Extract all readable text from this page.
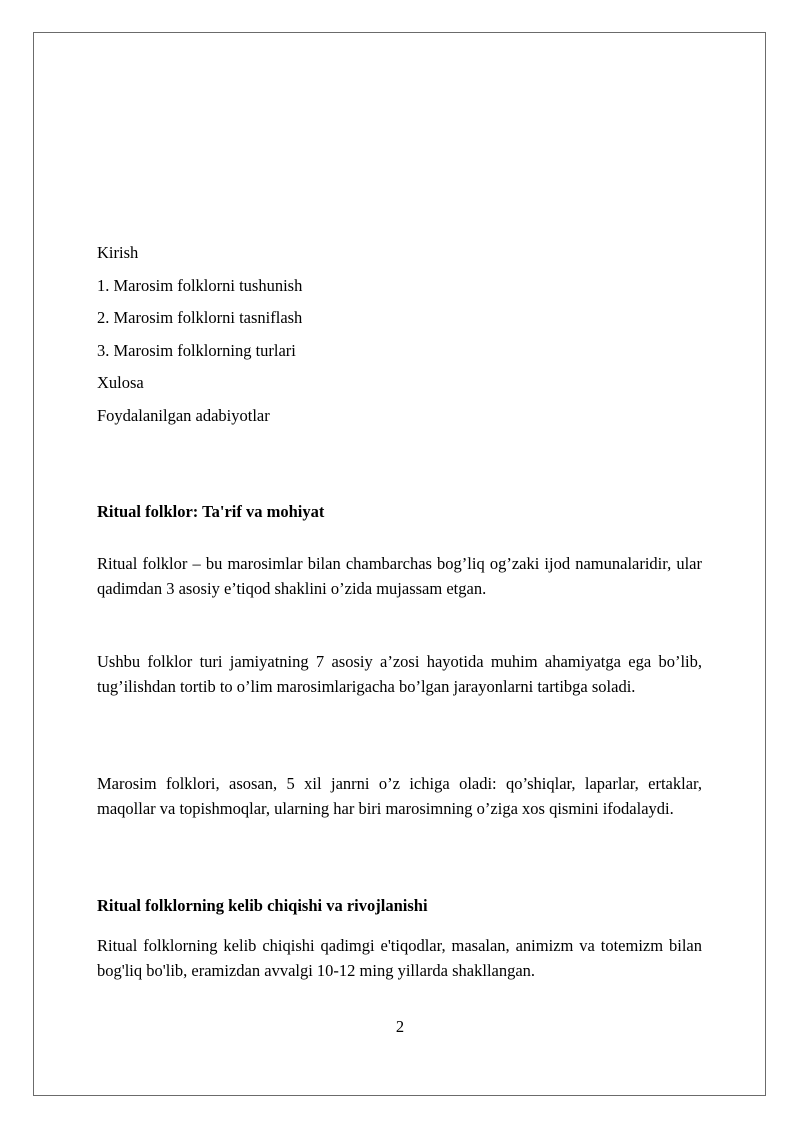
Kirish
1. Marosim folklorni tushunish
2. Marosim folklorni tasniflash
3. Marosim folklorning turlari
Xulosa
Foydalanilgan adabiyotlar
Ritual folklor: Ta'rif va mohiyat

Ritual folklor – bu marosimlar bilan chambarchas bog’liq og’zaki ijod namunalaridir, ular qadimdan 3 asosiy e’tiqod shaklini o’zida mujassam etgan.

Ushbu folklor turi jamiyatning 7 asosiy a’zosi hayotida muhim ahamiyatga ega bo’lib, tug’ilishdan tortib to o’lim marosimlarigacha bo’lgan jarayonlarni tartibga soladi.

Marosim folklori, asosan, 5 xil janrni o’z ichiga oladi: qo’shiqlar, laparlar, ertaklar, maqollar va topishmoqlar, ularning har biri marosimning o’ziga xos qismini ifodalaydi.

Ritual folklorning kelib chiqishi va rivojlanishi

Ritual folklorning kelib chiqishi qadimgi e'tiqodlar, masalan, animizm va totemizm bilan bog'liq bo'lib, eramizdan avvalgi 10-12 ming yillarda shakllangan.

2
